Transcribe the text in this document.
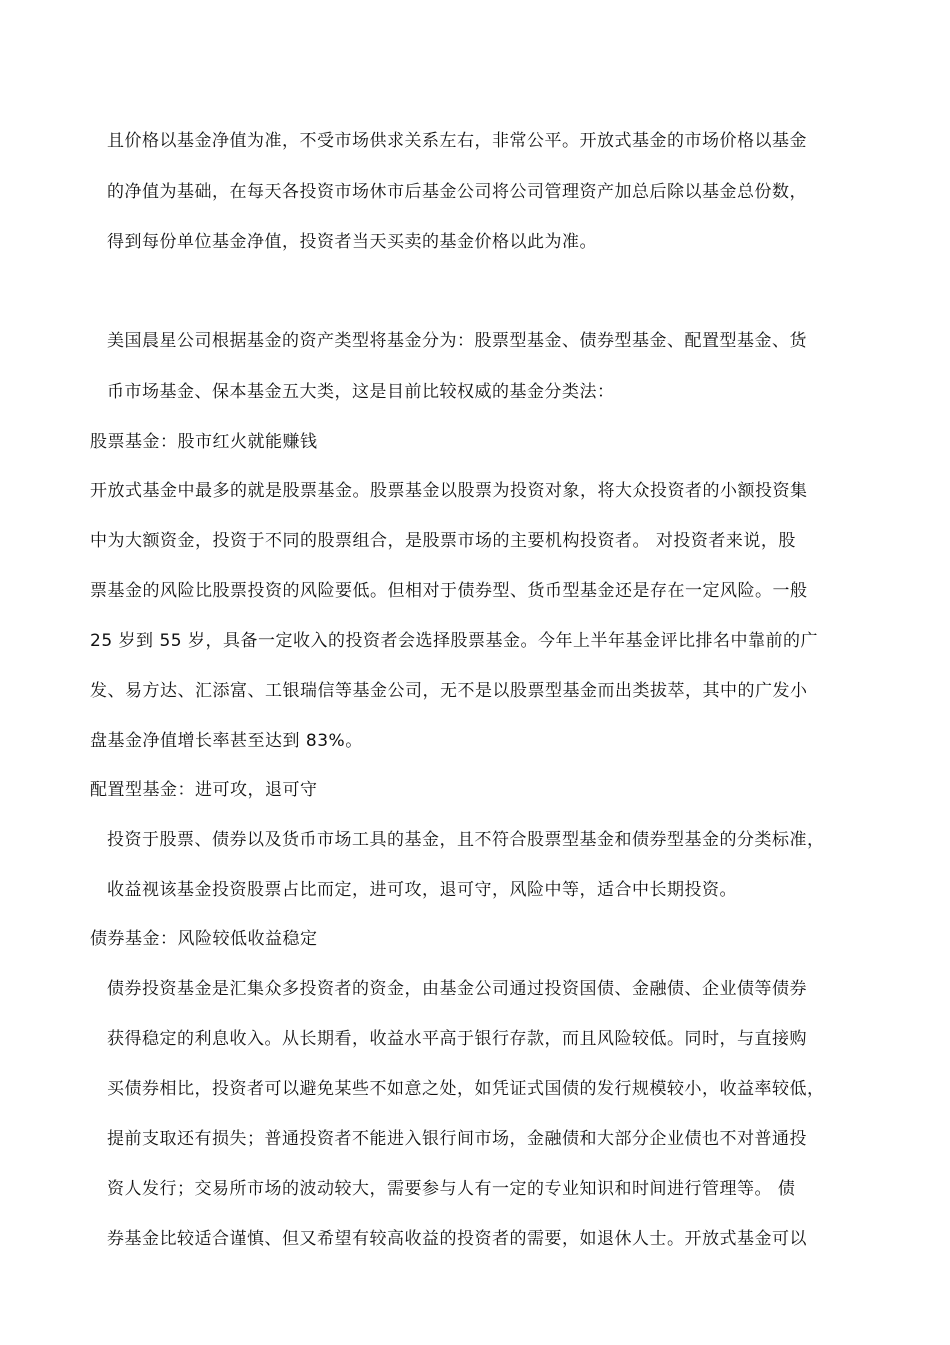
且价格以基金净值为准，不受市场供求关系左右，非常公平。开放式基金的市场价格以基金
的净值为基础，在每天各投资市场休市后基金公司将公司管理资产加总后除以基金总份数，
得到每份单位基金净值，投资者当天买卖的基金价格以此为准。
美国晨星公司根据基金的资产类型将基金分为：股票型基金、债券型基金、配置型基金、货
币市场基金、保本基金五大类，这是目前比较权威的基金分类法：
股票基金：股市红火就能赚钱
开放式基金中最多的就是股票基金。股票基金以股票为投资对象，将大众投资者的小额投资集
中为大额资金，投资于不同的股票组合，是股票市场的主要机构投资者。 对投资者来说，股
票基金的风险比股票投资的风险要低。但相对于债券型、货币型基金还是存在一定风险。一般
25 岁到 55 岁，具备一定收入的投资者会选择股票基金。今年上半年基金评比排名中靠前的广
发、易方达、汇添富、工银瑞信等基金公司，无不是以股票型基金而出类拔萃，其中的广发小
盘基金净值增长率甚至达到 83%。
配置型基金：进可攻，退可守
投资于股票、债券以及货币市场工具的基金，且不符合股票型基金和债券型基金的分类标准，
收益视该基金投资股票占比而定，进可攻，退可守，风险中等，适合中长期投资。
债券基金：风险较低收益稳定
债券投资基金是汇集众多投资者的资金，由基金公司通过投资国债、金融债、企业债等债券
获得稳定的利息收入。从长期看，收益水平高于银行存款，而且风险较低。同时，与直接购
买债券相比，投资者可以避免某些不如意之处，如凭证式国债的发行规模较小，收益率较低，
提前支取还有损失；普通投资者不能进入银行间市场，金融债和大部分企业债也不对普通投
资人发行；交易所市场的波动较大，需要参与人有一定的专业知识和时间进行管理等。 债
券基金比较适合谨慎、但又希望有较高收益的投资者的需要，如退休人士。开放式基金可以
